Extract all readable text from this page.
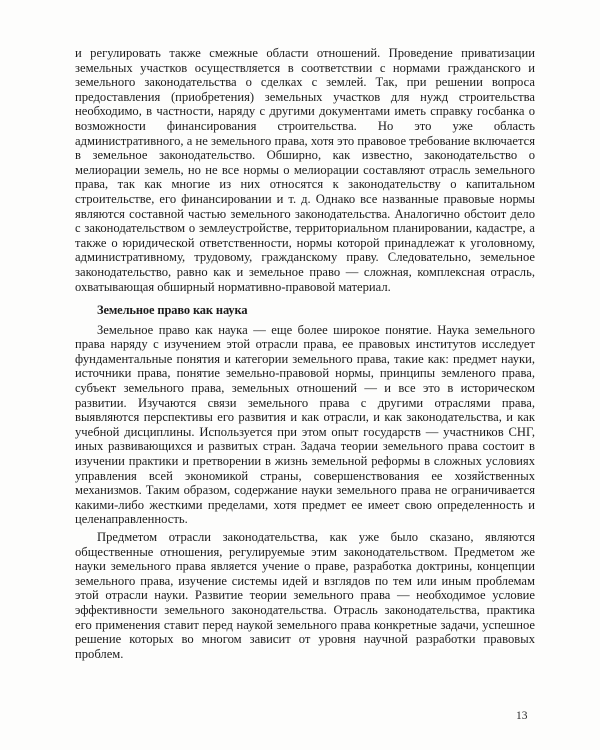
и регулировать также смежные области отношений. Проведение приватизации земельных участков осуществляется в соответствии с нормами гражданского и земельного законодательства о сделках с землей. Так, при решении вопроса предоставления (приобретения) земельных участков для нужд строительства необходимо, в частности, наряду с другими документами иметь справку госбанка о возможности финансирования строительства. Но это уже область административного, а не земельного права, хотя это правовое требование включается в земельное законодательство. Обширно, как известно, законодательство о мелиорации земель, но не все нормы о мелиорации составляют отрасль земельного права, так как многие из них относятся к законодательству о капитальном строительстве, его финансировании и т. д. Однако все названные правовые нормы являются составной частью земельного законодательства. Аналогично обстоит дело с законодательством о землеустройстве, территориальном планировании, кадастре, а также о юридической ответственности, нормы которой принадлежат к уголовному, административному, трудовому, гражданскому праву. Следовательно, земельное законодательство, равно как и земельное право — сложная, комплексная отрасль, охватывающая обширный нормативно-правовой материал.

Земельное право как наука

Земельное право как наука — еще более широкое понятие. Наука земельного права наряду с изучением этой отрасли права, ее правовых институтов исследует фундаментальные понятия и категории земельного права, такие как: предмет науки, источники права, понятие земельно-правовой нормы, принципы земленого права, субъект земельного права, земельных отношений — и все это в историческом развитии. Изучаются связи земельного права с другими отраслями права, выявляются перспективы его развития и как отрасли, и как законодательства, и как учебной дисциплины. Используется при этом опыт государств — участников СНГ, иных развивающихся и развитых стран. Задача теории земельного права состоит в изучении практики и претворении в жизнь земельной реформы в сложных условиях управления всей экономикой страны, совершенствования ее хозяйственных механизмов. Таким образом, содержание науки земельного права не ограничивается какими-либо жесткими пределами, хотя предмет ее имеет свою определенность и целенаправленность.

Предметом отрасли законодательства, как уже было сказано, являются общественные отношения, регулируемые этим законодательством. Предметом же науки земельного права является учение о праве, разработка доктрины, концепции земельного права, изучение системы идей и взглядов по тем или иным проблемам этой отрасли науки. Развитие теории земельного права — необходимое условие эффективности земельного законодательства. Отрасль законодательства, практика его применения ставит перед наукой земельного права конкретные задачи, успешное решение которых во многом зависит от уровня научной разработки правовых проблем.

13
